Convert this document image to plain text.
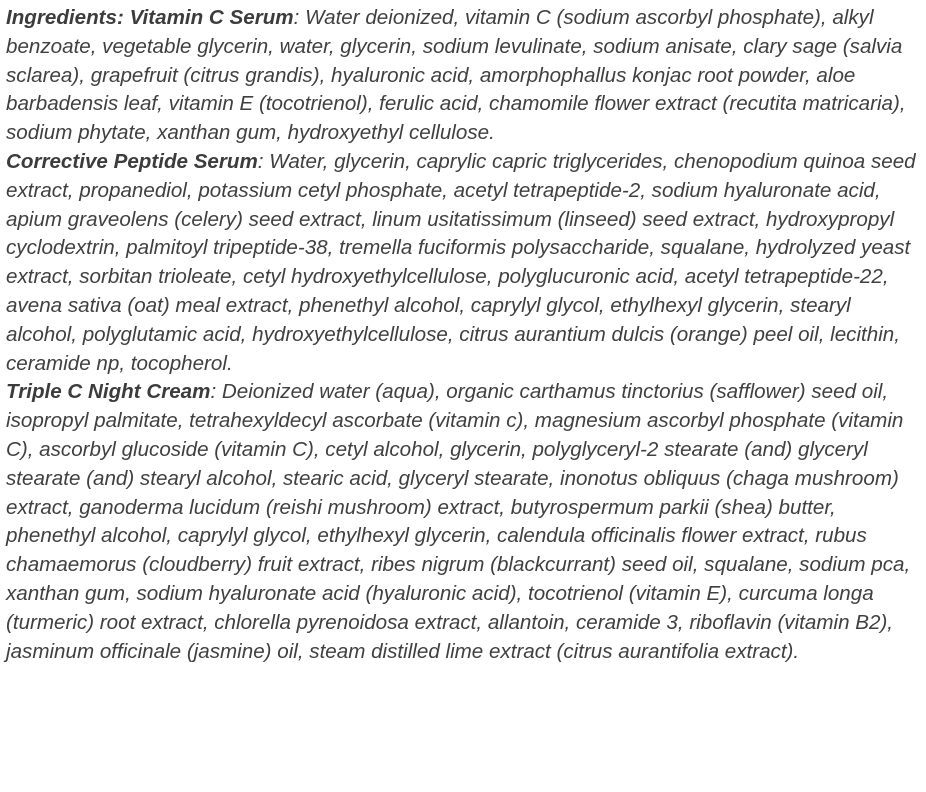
Ingredients: Vitamin C Serum: Water deionized, vitamin C (sodium ascorbyl phosphate), alkyl benzoate, vegetable glycerin, water, glycerin, sodium levulinate, sodium anisate, clary sage (salvia sclarea), grapefruit (citrus grandis), hyaluronic acid, amorphophallus konjac root powder, aloe barbadensis leaf, vitamin E (tocotrienol), ferulic acid, chamomile flower extract (recutita matricaria), sodium phytate, xanthan gum, hydroxyethyl cellulose.

Corrective Peptide Serum: Water, glycerin, caprylic capric triglycerides, chenopodium quinoa seed extract, propanediol, potassium cetyl phosphate, acetyl tetrapeptide-2, sodium hyaluronate acid, apium graveolens (celery) seed extract, linum usitatissimum (linseed) seed extract, hydroxypropyl cyclodextrin, palmitoyl tripeptide-38, tremella fuciformis polysaccharide, squalane, hydrolyzed yeast extract, sorbitan trioleate, cetyl hydroxyethylcellulose, polyglucuronic acid, acetyl tetrapeptide-22, avena sativa (oat) meal extract, phenethyl alcohol, caprylyl glycol, ethylhexyl glycerin, stearyl alcohol, polyglutamic acid, hydroxyethylcellulose, citrus aurantium dulcis (orange) peel oil, lecithin, ceramide np, tocopherol.

Triple C Night Cream: Deionized water (aqua), organic carthamus tinctorius (safflower) seed oil, isopropyl palmitate, tetrahexyldecyl ascorbate (vitamin c), magnesium ascorbyl phosphate (vitamin C), ascorbyl glucoside (vitamin C), cetyl alcohol, glycerin, polyglyceryl-2 stearate (and) glyceryl stearate (and) stearyl alcohol, stearic acid, glyceryl stearate, inonotus obliquus (chaga mushroom) extract, ganoderma lucidum (reishi mushroom) extract, butyrospermum parkii (shea) butter, phenethyl alcohol, caprylyl glycol, ethylhexyl glycerin, calendula officinalis flower extract, rubus chamaemorus (cloudberry) fruit extract, ribes nigrum (blackcurrant) seed oil, squalane, sodium pca, xanthan gum, sodium hyaluronate acid (hyaluronic acid), tocotrienol (vitamin E), curcuma longa (turmeric) root extract, chlorella pyrenoidosa extract, allantoin, ceramide 3, riboflavin (vitamin B2), jasminum officinale (jasmine) oil, steam distilled lime extract (citrus aurantifolia extract).
